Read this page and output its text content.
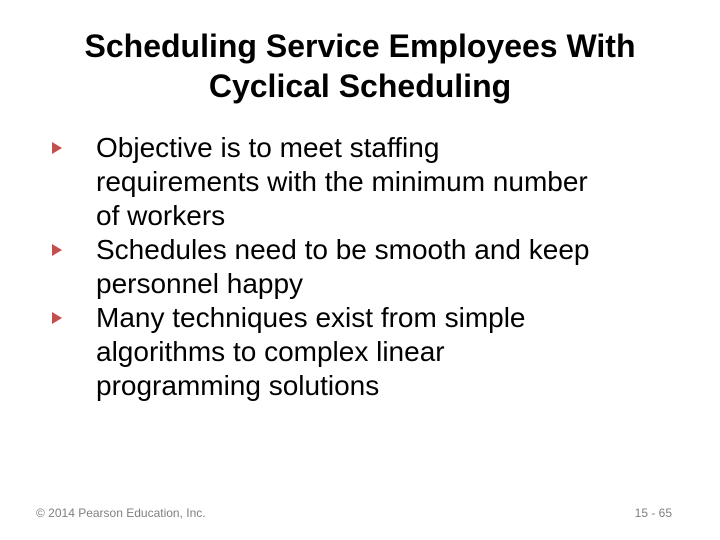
Scheduling Service Employees With
Cyclical Scheduling
Objective is to meet staffing
requirements with the minimum number
of workers
Schedules need to be smooth and keep
personnel happy
Many techniques exist from simple
algorithms to complex linear
programming solutions
© 2014 Pearson Education, Inc.	15 - 65
